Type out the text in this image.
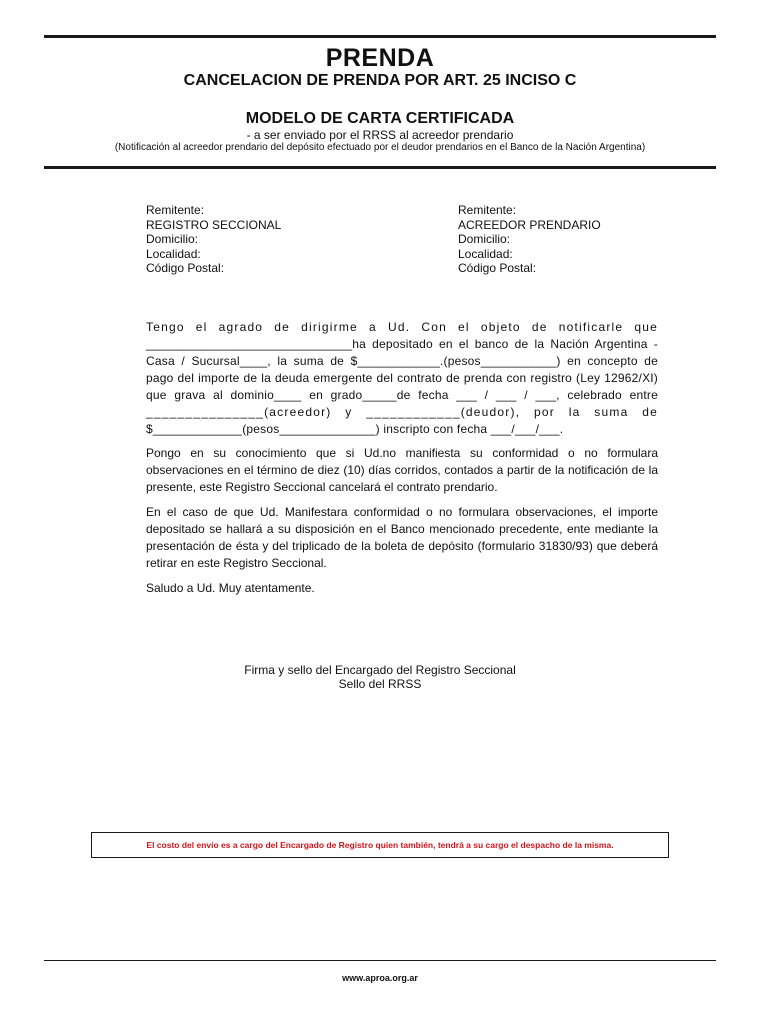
PRENDA
CANCELACION DE PRENDA POR ART. 25 INCISO C
MODELO DE CARTA CERTIFICADA
- a ser enviado por el RRSS al acreedor prendario
(Notificación al acreedor prendario del depósito efectuado por el deudor prendarios en el Banco de la Nación Argentina)
Remitente:
REGISTRO SECCIONAL
Domicilio:
Localidad:
Código Postal:
Remitente:
ACREEDOR PRENDARIO
Domicilio:
Localidad:
Código Postal:
Tengo el agrado de dirigirme a Ud. Con el objeto de notificarle que
______________________________ha depositado en el banco de la Nación Argentina -
Casa / Sucursal____, la suma de $____________.(pesos___________) en concepto de
pago del importe de la deuda emergente del contrato de prenda con registro (Ley 12962/XI)
que grava al dominio____ en grado_____de fecha ___ / ___ / ___, celebrado entre
_______________(acreedor) y ____________(deudor), por la suma de
$_____________(pesos______________) inscripto con fecha ___/___/___.
Pongo en su conocimiento que si Ud.no manifiesta su conformidad o no formulara observaciones en el término de diez (10) días corridos, contados a partir de la notificación de la presente, este Registro Seccional cancelará el contrato prendario.
En el caso de que Ud. Manifestara conformidad o no formulara observaciones, el importe depositado se hallará a su disposición en el Banco mencionado precedente, ente mediante la presentación de ésta y del triplicado de la boleta de depósito (formulario 31830/93) que deberá retirar en este Registro Seccional.
Saludo a Ud. Muy atentamente.
Firma y sello del Encargado del Registro Seccional
Sello del RRSS
El costo del envío es a cargo del Encargado de Registro quien también, tendrá a su cargo el despacho de la misma.
www.aproa.org.ar
